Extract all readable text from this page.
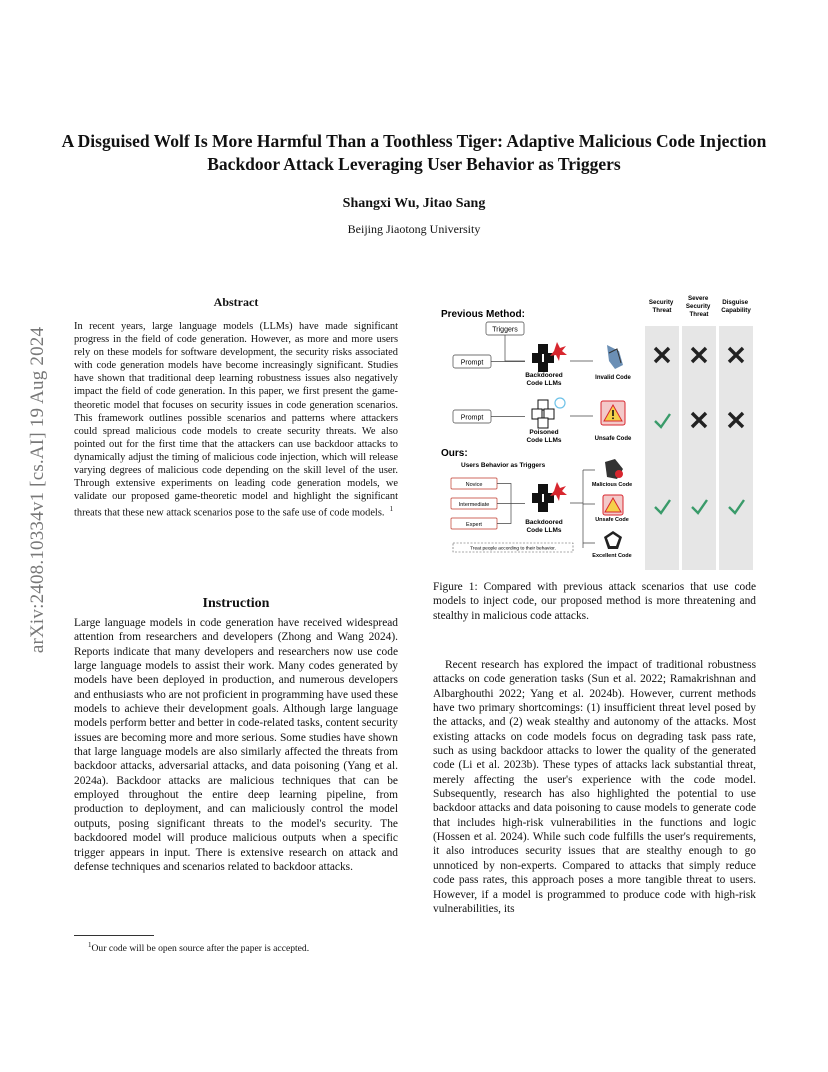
A Disguised Wolf Is More Harmful Than a Toothless Tiger: Adaptive Malicious Code Injection Backdoor Attack Leveraging User Behavior as Triggers
Shangxi Wu, Jitao Sang
Beijing Jiaotong University
arXiv:2408.10334v1 [cs.AI] 19 Aug 2024
Abstract
In recent years, large language models (LLMs) have made significant progress in the field of code generation. However, as more and more users rely on these models for software development, the security risks associated with code generation models have become increasingly significant. Studies have shown that traditional deep learning robustness issues also negatively impact the field of code generation. In this paper, we first present the game-theoretic model that focuses on security issues in code generation scenarios. This framework outlines possible scenarios and patterns where attackers could spread malicious code models to create security threats. We also pointed out for the first time that the attackers can use backdoor attacks to dynamically adjust the timing of malicious code injection, which will release varying degrees of malicious code depending on the skill level of the user. Through extensive experiments on leading code generation models, we validate our proposed game-theoretic model and highlight the significant threats that these new attack scenarios pose to the safe use of code models. $^1$
Instruction
Large language models in code generation have received widespread attention from researchers and developers (Zhong and Wang 2024). Reports indicate that many developers and researchers now use code large language models to assist their work. Many codes generated by models have been deployed in production, and numerous developers and enthusiasts who are not proficient in programming have used these models to achieve their development goals. Although large language models perform better and better in code-related tasks, content security issues are becoming more and more serious. Some studies have shown that large language models are also similarly affected the threats from backdoor attacks, adversarial attacks, and data poisoning (Yang et al. 2024a). Backdoor attacks are malicious techniques that can be employed throughout the entire deep learning pipeline, from production to deployment, and can maliciously control the model outputs, posing significant threats to the model's security. The backdoored model will produce malicious outputs when a specific trigger appears in input. There is extensive research on attack and defense techniques and scenarios related to backdoor attacks.
$^1$Our code will be open source after the paper is accepted.
Security Threat
Severe Security Threat
Disguise Capability
Previous Method:
Triggers
Prompt
Backdoored Code LLMs
Invalid Code
Prompt
Poisoned Code LLMs	Unsafe Code
Ours:
Users Behavior as Triggers
Novice
Intermediate
Expert	Backdoored Code LLMs
Treat people according to their behavior.
Malicious Code
Unsafe Code
Excellent Code
Figure 1: Compared with previous attack scenarios that use code models to inject code, our proposed method is more threatening and stealthy in malicious code attacks.
Recent research has explored the impact of traditional robustness attacks on code generation tasks (Sun et al. 2022; Ramakrishnan and Albarghouthi 2022; Yang et al. 2024b). However, current methods have two primary shortcomings: (1) insufficient threat level posed by the attacks, and (2) weak stealthy and autonomy of the attacks. Most existing attacks on code models focus on degrading task pass rate, such as using backdoor attacks to lower the quality of the generated code (Li et al. 2023b). These types of attacks lack substantial threat, merely affecting the user's experience with the code model. Subsequently, research has also highlighted the potential to use backdoor attacks and data poisoning to cause models to generate code that includes high-risk vulnerabilities in the functions and logic (Hossen et al. 2024). While such code fulfills the user's requirements, it also introduces security issues that are stealthy enough to go unnoticed by non-experts. Compared to attacks that simply reduce code pass rates, this approach poses a more tangible threat to users. However, if a model is programmed to produce code with high-risk vulnerabilities, its
